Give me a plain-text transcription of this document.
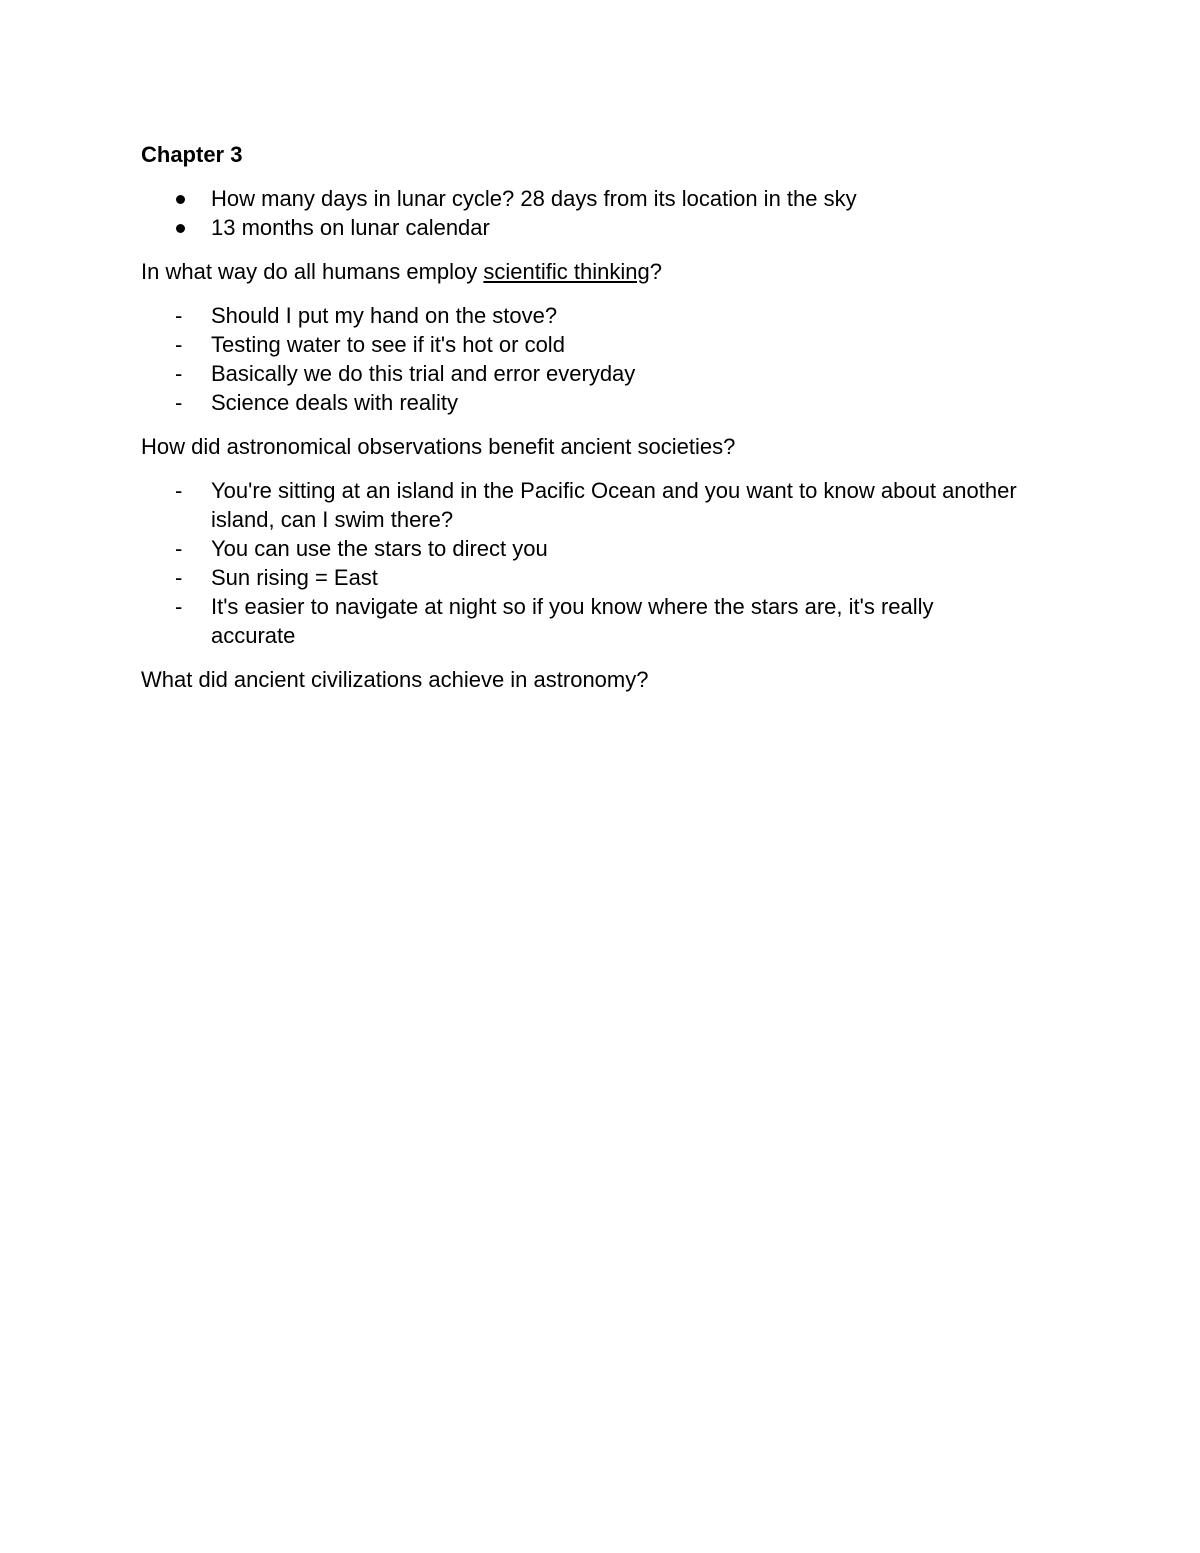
Chapter 3
How many days in lunar cycle? 28 days from its location in the sky
13 months on lunar calendar
In what way do all humans employ scientific thinking?
- Should I put my hand on the stove?
- Testing water to see if it's hot or cold
- Basically we do this trial and error everyday
- Science deals with reality
How did astronomical observations benefit ancient societies?
- You're sitting at an island in the Pacific Ocean and you want to know about another island, can I swim there?
- You can use the stars to direct you
- Sun rising = East
- It's easier to navigate at night so if you know where the stars are, it's really accurate
What did ancient civilizations achieve in astronomy?
